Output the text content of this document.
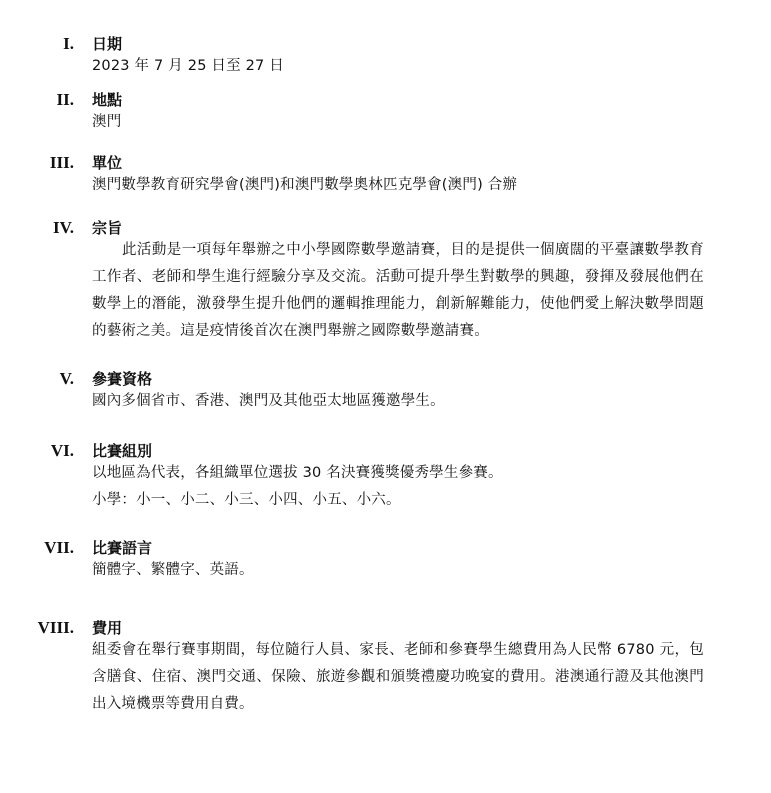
I. 日期
2023 年 7 月 25 日至 27 日
II. 地點
澳門
III. 單位
澳門數學教育研究學會(澳門)和澳門數學奧林匹克學會(澳門) 合辦
IV. 宗旨

此活動是一項每年舉辦之中小學國際數學邀請賽，目的是提供一個廣闊的平臺讓數學教育工作者、老師和學生進行經驗分享及交流。活動可提升學生對數學的興趣，發揮及發展他們在數學上的潛能，激發學生提升他們的邏輯推理能力，創新解難能力，使他們愛上解決數學問題的藝術之美。這是疫情後首次在澳門舉辦之國際數學邀請賽。

V. 參賽資格
國內多個省市、香港、澳門及其他亞太地區獲邀學生。
VI. 比賽組別
以地區為代表，各組織單位選拔 30 名決賽獲獎優秀學生參賽。
小學：小一、小二、小三、小四、小五、小六。
VII. 比賽語言
簡體字、繁體字、英語。
VIII. 費用

組委會在舉行賽事期間，每位隨行人員、家長、老師和參賽學生總費用為人民幣 6780 元，包含膳食、住宿、澳門交通、保險、旅遊參觀和頒獎禮慶功晚宴的費用。港澳通行證及其他澳門出入境機票等費用自費。
